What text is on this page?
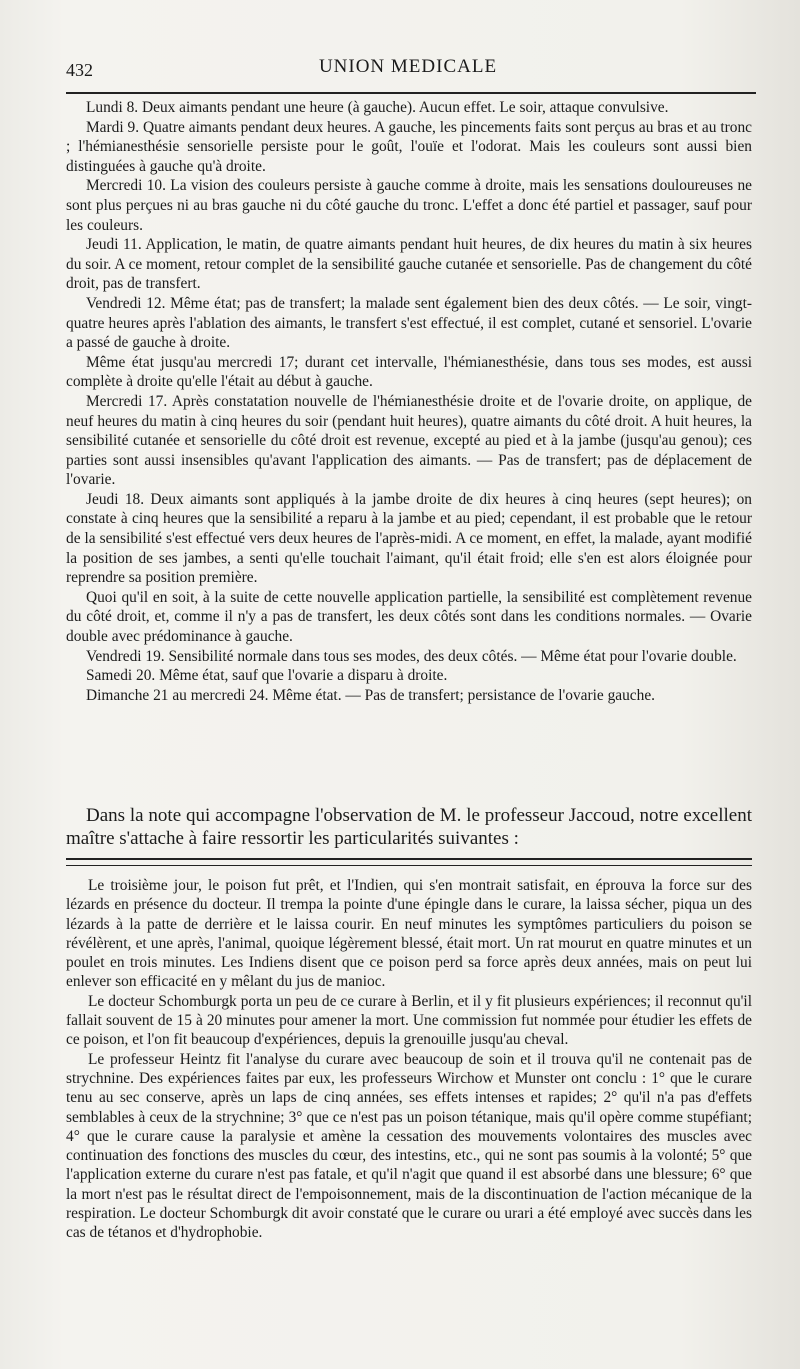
432	UNION MEDICALE

Lundi 8. Deux aimants pendant une heure (à gauche). Aucun effet. Le soir, attaque convulsive.

Mardi 9. Quatre aimants pendant deux heures. A gauche, les pincements faits sont perçus au bras et au tronc ; l'hémianesthésie sensorielle persiste pour le goût, l'ouïe et l'odorat. Mais les couleurs sont aussi bien distinguées à gauche qu'à droite.

Mercredi 10. La vision des couleurs persiste à gauche comme à droite, mais les sensations douloureuses ne sont plus perçues ni au bras gauche ni du côté gauche du tronc. L'effet a donc été partiel et passager, sauf pour les couleurs.

Jeudi 11. Application, le matin, de quatre aimants pendant huit heures, de dix heures du matin à six heures du soir. A ce moment, retour complet de la sensibilité gauche cutanée et sensorielle. Pas de changement du côté droit, pas de transfert.

Vendredi 12. Même état; pas de transfert; la malade sent également bien des deux côtés. — Le soir, vingt-quatre heures après l'ablation des aimants, le transfert s'est effectué, il est complet, cutané et sensoriel. L'ovarie a passé de gauche à droite.

Même état jusqu'au mercredi 17; durant cet intervalle, l'hémianesthésie, dans tous ses modes, est aussi complète à droite qu'elle l'était au début à gauche.

Mercredi 17. Après constatation nouvelle de l'hémianesthésie droite et de l'ovarie droite, on applique, de neuf heures du matin à cinq heures du soir (pendant huit heures), quatre aimants du côté droit. A huit heures, la sensibilité cutanée et sensorielle du côté droit est revenue, excepté au pied et à la jambe (jusqu'au genou); ces parties sont aussi insensibles qu'avant l'application des aimants. — Pas de transfert; pas de déplacement de l'ovarie.

Jeudi 18. Deux aimants sont appliqués à la jambe droite de dix heures à cinq heures (sept heures); on constate à cinq heures que la sensibilité a reparu à la jambe et au pied; cependant, il est probable que le retour de la sensibilité s'est effectué vers deux heures de l'après-midi. A ce moment, en effet, la malade, ayant modifié la position de ses jambes, a senti qu'elle touchait l'aimant, qu'il était froid; elle s'en est alors éloignée pour reprendre sa position première.

Quoi qu'il en soit, à la suite de cette nouvelle application partielle, la sensibilité est complètement revenue du côté droit, et, comme il n'y a pas de transfert, les deux côtés sont dans les conditions normales. — Ovarie double avec prédominance à gauche.

Vendredi 19. Sensibilité normale dans tous ses modes, des deux côtés. — Même état pour l'ovarie double.

Samedi 20. Même état, sauf que l'ovarie a disparu à droite.

Dimanche 21 au mercredi 24. Même état. — Pas de transfert; persistance de l'ovarie gauche.

Dans la note qui accompagne l'observation de M. le professeur Jaccoud, notre excellent maître s'attache à faire ressortir les particularités suivantes :

Le troisième jour, le poison fut prêt, et l'Indien, qui s'en montrait satisfait, en éprouva la force sur des lézards en présence du docteur. Il trempa la pointe d'une épingle dans le curare, la laissa sécher, piqua un des lézards à la patte de derrière et le laissa courir. En neuf minutes les symptômes particuliers du poison se révélèrent, et une après, l'animal, quoique légèrement blessé, était mort. Un rat mourut en quatre minutes et un poulet en trois minutes. Les Indiens disent que ce poison perd sa force après deux années, mais on peut lui enlever son efficacité en y mêlant du jus de manioc.

Le docteur Schomburgk porta un peu de ce curare à Berlin, et il y fit plusieurs expériences; il reconnut qu'il fallait souvent de 15 à 20 minutes pour amener la mort. Une commission fut nommée pour étudier les effets de ce poison, et l'on fit beaucoup d'expériences, depuis la grenouille jusqu'au cheval.

Le professeur Heintz fit l'analyse du curare avec beaucoup de soin et il trouva qu'il ne contenait pas de strychnine. Des expériences faites par eux, les professeurs Wirchow et Munster ont conclu : 1° que le curare tenu au sec conserve, après un laps de cinq années, ses effets intenses et rapides; 2° qu'il n'a pas d'effets semblables à ceux de la strychnine; 3° que ce n'est pas un poison tétanique, mais qu'il opère comme stupéfiant; 4° que le curare cause la paralysie et amène la cessation des mouvements volontaires des muscles avec continuation des fonctions des muscles du cœur, des intestins, etc., qui ne sont pas soumis à la volonté; 5° que l'application externe du curare n'est pas fatale, et qu'il n'agit que quand il est absorbé dans une blessure; 6° que la mort n'est pas le résultat direct de l'empoisonnement, mais de la discontinuation de l'action mécanique de la respiration. Le docteur Schomburgk dit avoir constaté que le curare ou urari a été employé avec succès dans les cas de tétanos et d'hydrophobie.
